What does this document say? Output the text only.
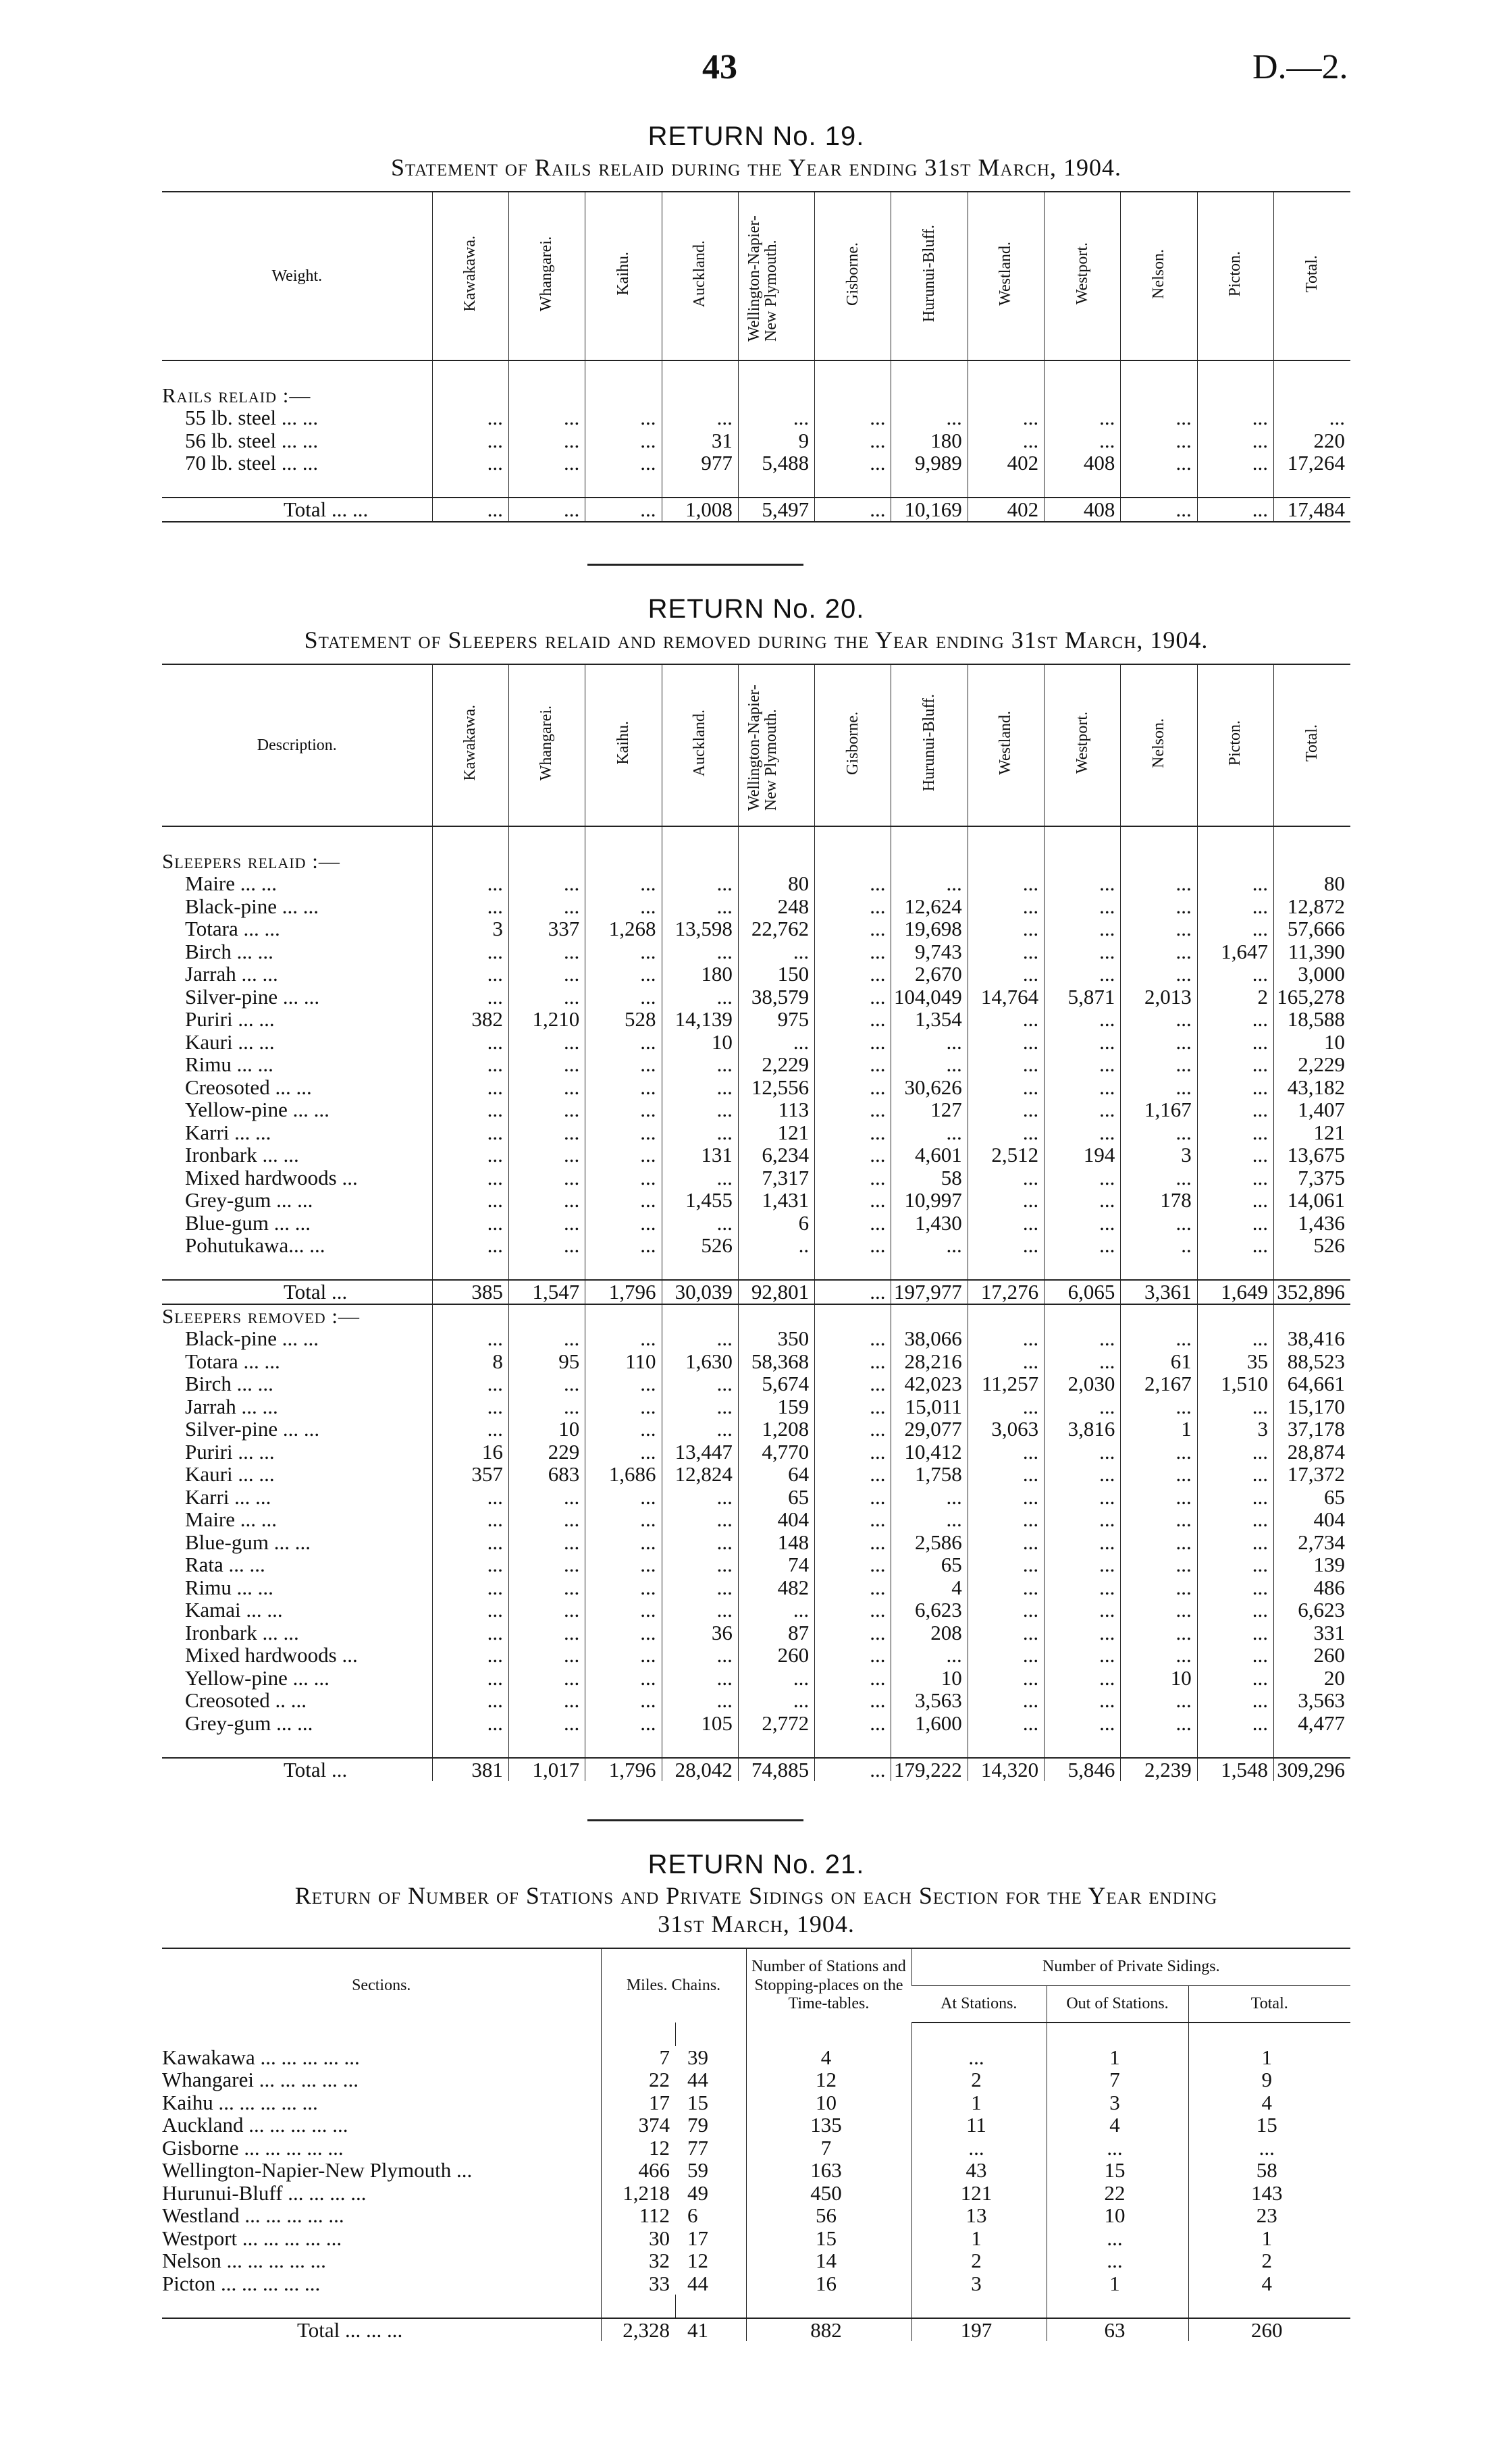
43	D.—2.
RETURN No. 19.
Statement of Rails relaid during the Year ending 31st March, 1904.
Weight.	Kawakawa.	Whangarei.	Kaihu.	Auckland.	Wellington-Napier-New Plymouth.	Gisborne.	Hurunui-Bluff.	Westland.	Westport.	Nelson.	Picton.	Total.

Rails relaid :—												
55 lb. steel ... ...	...	...	...	...	...	...	...	...	...	...	...	...
56 lb. steel ... ...	...	...	...	31	9	...	180	...	...	...	...	220
70 lb. steel ... ...	...	...	...	977	5,488	...	9,989	402	408	...	...	17,264

Total ... ...	...	...	...	1,008	5,497	...	10,169	402	408	...	...	17,484
RETURN No. 20.
Statement of Sleepers relaid and removed during the Year ending 31st March, 1904.
Description.	Kawakawa.	Whangarei.	Kaihu.	Auckland.	Wellington-Napier-New Plymouth.	Gisborne.	Hurunui-Bluff.	Westland.	Westport.	Nelson.	Picton.	Total.

Sleepers relaid :—												
Maire ... ...	...	...	...	...	80	...	...	...	...	...	...	80
Black-pine ... ...	...	...	...	...	248	...	12,624	...	...	...	...	12,872
Totara ... ...	3	337	1,268	13,598	22,762	...	19,698	...	...	...	...	57,666
Birch ... ...	...	...	...	...	...	...	9,743	...	...	...	1,647	11,390
Jarrah ... ...	...	...	...	180	150	...	2,670	...	...	...	...	3,000
Silver-pine ... ...	...	...	...	...	38,579	...	104,049	14,764	5,871	2,013	2	165,278
Puriri ... ...	382	1,210	528	14,139	975	...	1,354	...	...	...	...	18,588
Kauri ... ...	...	...	...	10	...	...	...	...	...	...	...	10
Rimu ... ...	...	...	...	...	2,229	...	...	...	...	...	...	2,229
Creosoted ... ...	...	...	...	...	12,556	...	30,626	...	...	...	...	43,182
Yellow-pine ... ...	...	...	...	...	113	...	127	...	...	1,167	...	1,407
Karri ... ...	...	...	...	...	121	...	...	...	...	...	...	121
Ironbark ... ...	...	...	...	131	6,234	...	4,601	2,512	194	3	...	13,675
Mixed hardwoods ...	...	...	...	...	7,317	...	58	...	...	...	...	7,375
Grey-gum ... ...	...	...	...	1,455	1,431	...	10,997	...	...	178	...	14,061
Blue-gum ... ...	...	...	...	...	6	...	1,430	...	...	...	...	1,436
Pohutukawa... ...	...	...	...	526	..	...	...	...	...	..	...	526

Total ...	385	1,547	1,796	30,039	92,801	...	197,977	17,276	6,065	3,361	1,649	352,896
Sleepers removed :—												
Black-pine ... ...	...	...	...	...	350	...	38,066	...	...	...	...	38,416
Totara ... ...	8	95	110	1,630	58,368	...	28,216	...	...	61	35	88,523
Birch ... ...	...	...	...	...	5,674	...	42,023	11,257	2,030	2,167	1,510	64,661
Jarrah ... ...	...	...	...	...	159	...	15,011	...	...	...	...	15,170
Silver-pine ... ...	...	10	...	...	1,208	...	29,077	3,063	3,816	1	3	37,178
Puriri ... ...	16	229	...	13,447	4,770	...	10,412	...	...	...	...	28,874
Kauri ... ...	357	683	1,686	12,824	64	...	1,758	...	...	...	...	17,372
Karri ... ...	...	...	...	...	65	...	...	...	...	...	...	65
Maire ... ...	...	...	...	...	404	...	...	...	...	...	...	404
Blue-gum ... ...	...	...	...	...	148	...	2,586	...	...	...	...	2,734
Rata ... ...	...	...	...	...	74	...	65	...	...	...	...	139
Rimu ... ...	...	...	...	...	482	...	4	...	...	...	...	486
Kamai ... ...	...	...	...	...	...	...	6,623	...	...	...	...	6,623
Ironbark ... ...	...	...	...	36	87	...	208	...	...	...	...	331
Mixed hardwoods ...	...	...	...	...	260	...	...	...	...	...	...	260
Yellow-pine ... ...	...	...	...	...	...	...	10	...	...	10	...	20
Creosoted .. ...	...	...	...	...	...	...	3,563	...	...	...	...	3,563
Grey-gum ... ...	...	...	...	105	2,772	...	1,600	...	...	...	...	4,477

Total ...	381	1,017	1,796	28,042	74,885	...	179,222	14,320	5,846	2,239	1,548	309,296
RETURN No. 21.
Return of Number of Stations and Private Sidings on each Section for the Year ending
31st March, 1904.
Sections.	Miles. Chains.		Number of Stations and Stopping-places on the Time-tables.	Number of Private Sidings.		
				At Stations.	Out of Stations.	Total.

Kawakawa ... ... ... ... ...	7	39	4	...	1	1
Whangarei ... ... ... ... ...	22	44	12	2	7	9
Kaihu ... ... ... ... ...	17	15	10	1	3	4
Auckland ... ... ... ... ...	374	79	135	11	4	15
Gisborne ... ... ... ... ...	12	77	7	...	...	...
Wellington-Napier-New Plymouth ...	466	59	163	43	15	58
Hurunui-Bluff ... ... ... ...	1,218	49	450	121	22	143
Westland ... ... ... ... ...	112	6	56	13	10	23
Westport ... ... ... ... ...	30	17	15	1	...	1
Nelson ... ... ... ... ...	32	12	14	2	...	2
Picton ... ... ... ... ...	33	44	16	3	1	4

Total ... ... ...	2,328	41	882	197	63	260
